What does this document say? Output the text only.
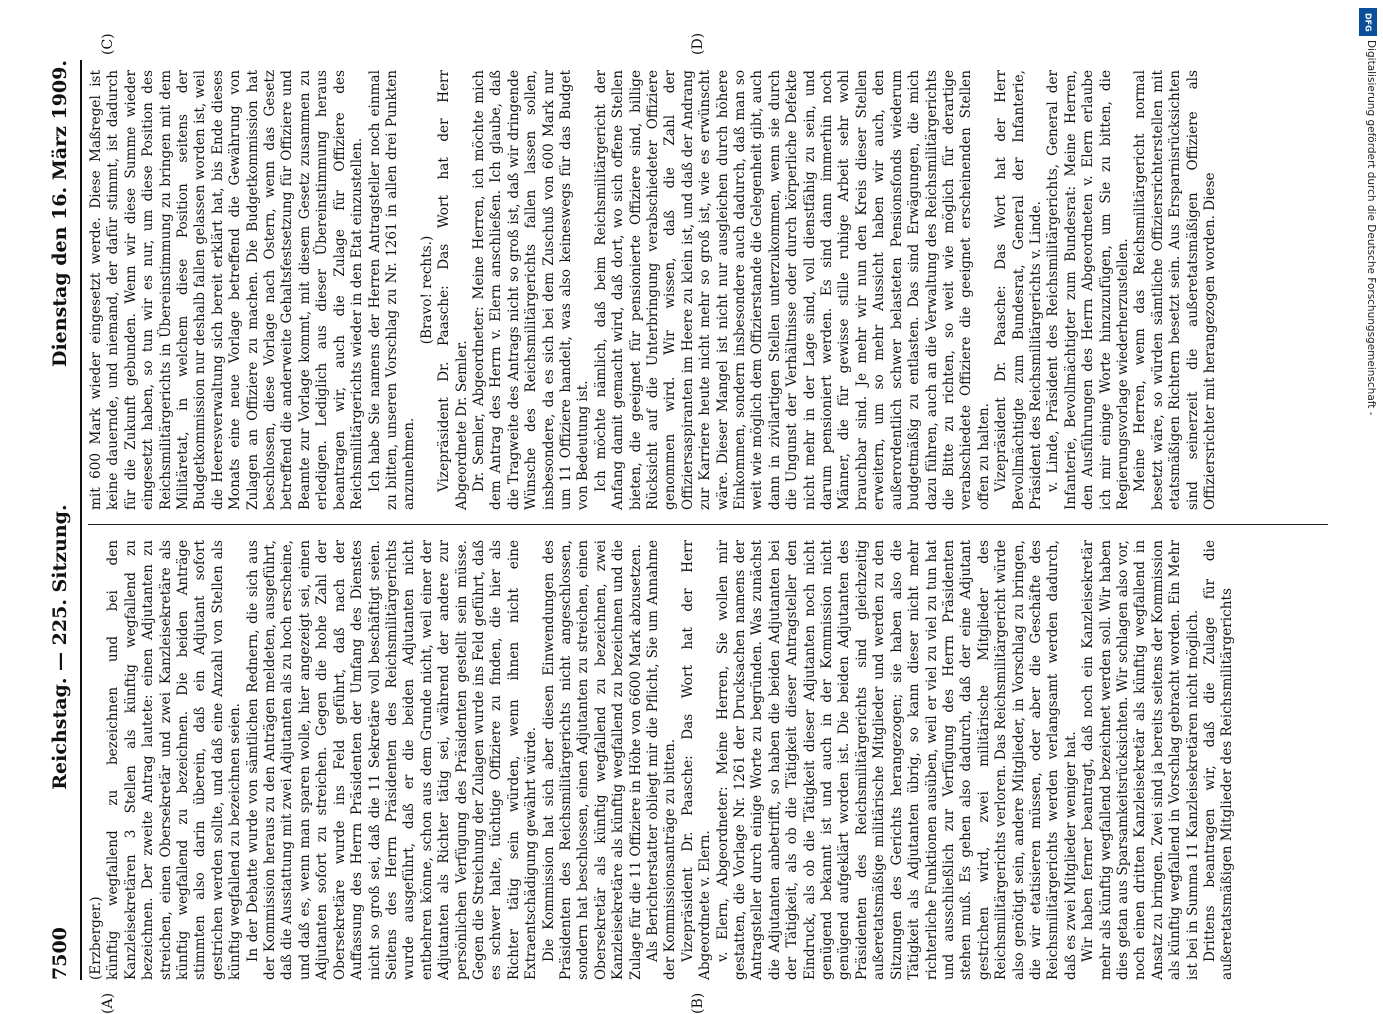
7500
Reichstag. — 225. Sitzung.
Dienstag den 16. März 1909.
(A)	(B)
(C)	(D)

(Erzberger.) künftig wegfallend zu bezeichnen und bei den Kanzleisekretären 3 Stellen als künftig wegfallend zu bezeichnen. Der zweite Antrag lautete: einen Adjutanten zu streichen, einen Obersekretär und zwei Kanzleisekretäre als künftig wegfallend zu bezeichnen. Die beiden Anträge stimmten also darin überein, daß ein Adjutant sofort gestrichen werden sollte, und daß eine Anzahl von Stellen als künftig wegfallend zu bezeichnen seien. In der Debatte wurde von sämtlichen Rednern, die sich aus der Kommission heraus zu den Anträgen meldeten, ausgeführt, daß die Ausstattung mit zwei Adjutanten als zu hoch erscheine, und daß es, wenn man sparen wolle, hier angezeigt sei, einen Adjutanten sofort zu streichen. Gegen die hohe Zahl der Obersekretäre wurde ins Feld geführt, daß nach der Auffassung des Herrn Präsidenten der Umfang des Dienstes nicht so groß sei, daß die 11 Sekretäre voll beschäftigt seien. Seitens des Herrn Präsidenten des Reichsmilitärgerichts wurde ausgeführt, daß er die beiden Adjutanten nicht entbehren könne, schon aus dem Grunde nicht, weil einer der Adjutanten als Richter tätig sei, während der andere zur persönlichen Verfügung des Präsidenten gestellt sein müsse. Gegen die Streichung der Zulagen wurde ins Feld geführt, daß es schwer halte, tüchtige Offiziere zu finden, die hier als Richter tätig sein würden, wenn ihnen nicht eine Extraentschädigung gewährt würde. Die Kommission hat sich aber diesen Einwendungen des Präsidenten des Reichsmilitärgerichts nicht angeschlossen, sondern hat beschlossen, einen Adjutanten zu streichen, einen Obersekretär als künftig wegfallend zu bezeichnen, zwei Kanzleisekretäre als künftig wegfallend zu bezeichnen und die Zulage für die 11 Offiziere in Höhe von 6600 Mark abzusetzen. Als Berichterstatter obliegt mir die Pflicht, Sie um Annahme der Kommissionsanträge zu bitten. Vizepräsident Dr. Paasche: Das Wort hat der Herr Abgeordnete v. Elern. v. Elern, Abgeordneter: Meine Herren, Sie wollen mir gestatten, die Vorlage Nr. 1261 der Drucksachen namens der Antragsteller durch einige Worte zu begründen. Was zunächst die Adjutanten anbetrifft, so haben die beiden Adjutanten bei der Tätigkeit, als ob die Tätigkeit dieser Antragsteller den Eindruck, als ob die Tätigkeit dieser Adjutanten noch nicht genügend bekannt ist und auch in der Kommission nicht genügend aufgeklärt worden ist. Die beiden Adjutanten des Präsidenten des Reichsmilitärgerichts sind gleichzeitig außeretatsmäßige militärische Mitglieder und werden zu den Sitzungen des Gerichts herangezogen; sie haben also die Tätigkeit als Adjutanten übrig, so kann dieser nicht mehr richterliche Funktionen ausüben, weil er viel zu viel zu tun hat und ausschließlich zur Verfügung des Herrn Präsidenten stehen muß. Es gehen also dadurch, daß der eine Adjutant gestrichen wird, zwei militärische Mitglieder des Reichsmilitärgerichts verloren. Das Reichsmilitärgericht würde also genötigt sein, andere Mitglieder, in Vorschlag zu bringen, die wir etatisieren müssen, oder aber die Geschäfte des Reichsmilitärgerichts werden verlangsamt werden dadurch, daß es zwei Mitglieder weniger hat. Wir haben ferner beantragt, daß noch ein Kanzleisekretär mehr als künftig wegfallend bezeichnet werden soll. Wir haben dies getan aus Sparsamkeitsrücksichten. Wir schlagen also vor, noch einen dritten Kanzleisekretär als künftig wegfallend in Ansatz zu bringen. Zwei sind ja bereits seitens der Kommission als künftig wegfallend in Vorschlag gebracht worden. Ein Mehr ist bei in Summa 11 Kanzleisekretären nicht möglich. Drittens beantragen wir, daß die Zulage für die außeretatsmäßigen Mitglieder des Reichsmilitärgerichts

mit 600 Mark wieder eingesetzt werde. Diese Maßregel ist keine dauernde, und niemand, der dafür stimmt, ist dadurch für die Zukunft gebunden. Wenn wir diese Summe wieder eingesetzt haben, so tun wir es nur, um diese Position des Reichsmilitärgerichts in Übereinstimmung zu bringen mit dem Militäretat, in welchem diese Position seitens der Budgetkommission nur deshalb fallen gelassen worden ist, weil die Heeresverwaltung sich bereit erklärt hat, bis Ende dieses Monats eine neue Vorlage betreffend die Gewährung von Zulagen an Offiziere zu machen. Die Budgetkommission hat beschlossen, diese Vorlage nach Ostern, wenn das Gesetz betreffend die anderweite Gehaltsfestsetzung für Offiziere und Beamte zur Vorlage kommt, mit diesem Gesetz zusammen zu erledigen. Lediglich aus dieser Übereinstimmung heraus beantragen wir, auch die Zulage für Offiziere des Reichsmilitärgerichts wieder in den Etat einzustellen. Ich habe Sie namens der Herren Antragsteller noch einmal zu bitten, unseren Vorschlag zu Nr. 1261 in allen drei Punkten anzunehmen.

(Bravo! rechts.) Vizepräsident Dr. Paasche: Das Wort hat der Herr Abgeordnete Dr. Semler. Dr. Semler, Abgeordneter: Meine Herren, ich möchte mich dem Antrag des Herrn v. Elern anschließen. Ich glaube, daß die Tragweite des Antrags nicht so groß ist, daß wir dringende Wünsche des Reichsmilitärgerichts fallen lassen sollen, insbesondere, da es sich bei dem Zuschuß von 600 Mark nur um 11 Offiziere handelt, was also keineswegs für das Budget von Bedeutung ist. Ich möchte nämlich, daß beim Reichsmilitärgericht der Anfang damit gemacht wird, daß dort, wo sich offene Stellen bieten, die geeignet für pensionierte Offiziere sind, billige Rücksicht auf die Unterbringung verabschiedeter Offiziere genommen wird. Wir wissen, daß die Zahl der Offiziersaspiranten im Heere zu klein ist, und daß der Andrang zur Karriere heute nicht mehr so groß ist, wie es erwünscht wäre. Dieser Mangel ist nicht nur ausgleichen durch höhere Einkommen, sondern insbesondere auch dadurch, daß man so weit wie möglich dem Offizierstande die Gelegenheit gibt, auch dann in zivilartigen Stellen unterzukommen, wenn sie durch die Ungunst der Verhältnisse oder durch körperliche Defekte nicht mehr in der Lage sind, voll dienstfähig zu sein, und darum pensioniert werden. Es sind dann immerhin noch Männer, die für gewisse stille ruhige Arbeit sehr wohl brauchbar sind. Je mehr wir nun den Kreis dieser Stellen erweitern, um so mehr Aussicht haben wir auch, den außerordentlich schwer belasteten Pensionsfonds wiederum budgetmäßig zu entlasten. Das sind Erwägungen, die mich dazu führen, auch an die Verwaltung des Reichsmilitärgerichts die Bitte zu richten, so weit wie möglich für derartige verabschiedete Offiziere die geeignet erscheinenden Stellen offen zu halten. Vizepräsident Dr. Paasche: Das Wort hat der Herr Bevollmächtigte zum Bundesrat, General der Infanterie, Präsident des Reichsmilitärgerichts v. Linde. v. Linde, Präsident des Reichsmilitärgerichts, General der Infanterie, Bevollmächtigter zum Bundesrat: Meine Herren, den Ausführungen des Herrn Abgeordneten v. Elern erlaube ich mir einige Worte hinzuzufügen, um Sie zu bitten, die Regierungsvorlage wiederherzustellen. Meine Herren, wenn das Reichsmilitärgericht normal besetzt wäre, so würden sämtliche Offiziersrichterstellen mit etatsmäßigen Richtern besetzt sein. Aus Ersparnisrücksichten sind seinerzeit die außeretatsmäßigen Offiziere als Offiziersrichter mit herangezogen worden. Diese

DFG
Digitalisierung gefördert durch die Deutsche Forschungsgemeinschaft -
